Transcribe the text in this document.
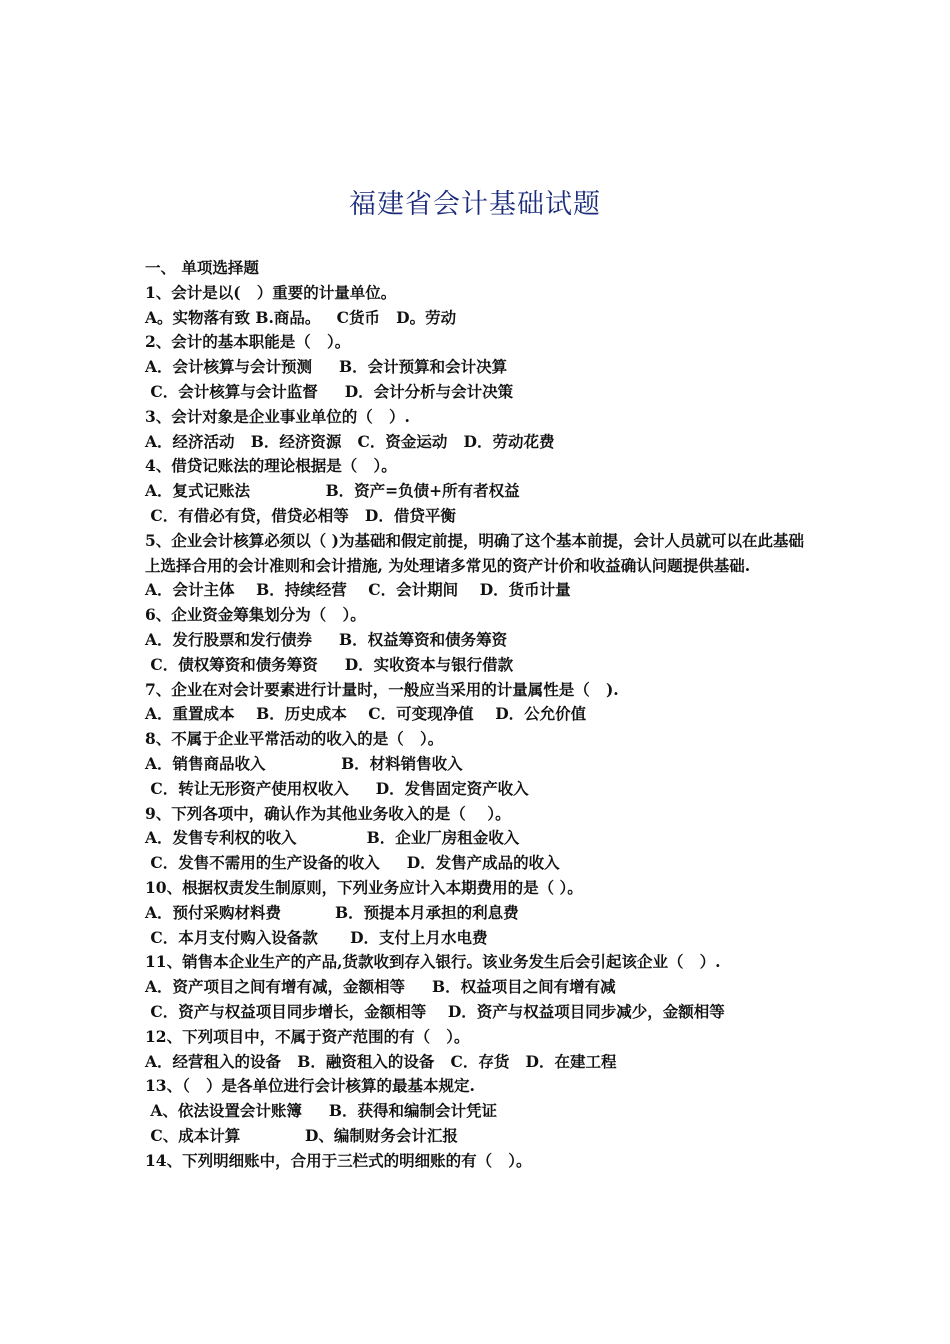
福建省会计基础试题
一、 单项选择题
1、会计是以(   ）重要的计量单位。
A。实物落有致 B.商品。   C货币   D。劳动
2、会计的基本职能是（   ）。
A．会计核算与会计预测     B．会计预算和会计决算
C．会计核算与会计监督     D．会计分析与会计决策
3、会计对象是企业事业单位的（   ）.
A．经济活动   B．经济资源   C．资金运动   D．劳动花费
4、借贷记账法的理论根据是（   ）。
A．复式记账法              B．资产=负债+所有者权益
C．有借必有贷，借贷必相等   D．借贷平衡
5、企业会计核算必须以（ )为基础和假定前提，明确了这个基本前提，会计人员就可以在此基础上选择合用的会计准则和会计措施, 为处理诸多常见的资产计价和收益确认问题提供基础.
A．会计主体    B．持续经营    C．会计期间    D．货币计量
6、企业资金筹集划分为（   ）。
A．发行股票和发行债券     B．权益筹资和债务筹资
C．债权筹资和债务筹资     D．实收资本与银行借款
7、企业在对会计要素进行计量时，一般应当采用的计量属性是（   ).
A．重置成本    B．历史成本    C．可变现净值    D．公允价值
8、不属于企业平常活动的收入的是（   ）。
A．销售商品收入              B．材料销售收入
C．转让无形资产使用权收入     D．发售固定资产收入
9、下列各项中，确认作为其他业务收入的是（    ）。
A．发售专利权的收入             B．企业厂房租金收入
C．发售不需用的生产设备的收入     D．发售产成品的收入
10、根据权责发生制原则，下列业务应计入本期费用的是（ ）。
A．预付采购材料费          B．预提本月承担的利息费
C．本月支付购入设备款      D．支付上月水电费
11、销售本企业生产的产品,货款收到存入银行。该业务发生后会引起该企业（   ）.
A．资产项目之间有增有减，金额相等     B．权益项目之间有增有减
C．资产与权益项目同步增长，金额相等    D．资产与权益项目同步减少，金额相等
12、下列项目中，不属于资产范围的有（   ）。
A．经营租入的设备   B．融资租入的设备   C．存货   D．在建工程
13、（   ）是各单位进行会计核算的最基本规定.
A、依法设置会计账簿     B．获得和编制会计凭证
C、成本计算            D、编制财务会计汇报
14、下列明细账中，合用于三栏式的明细账的有（   ）。
